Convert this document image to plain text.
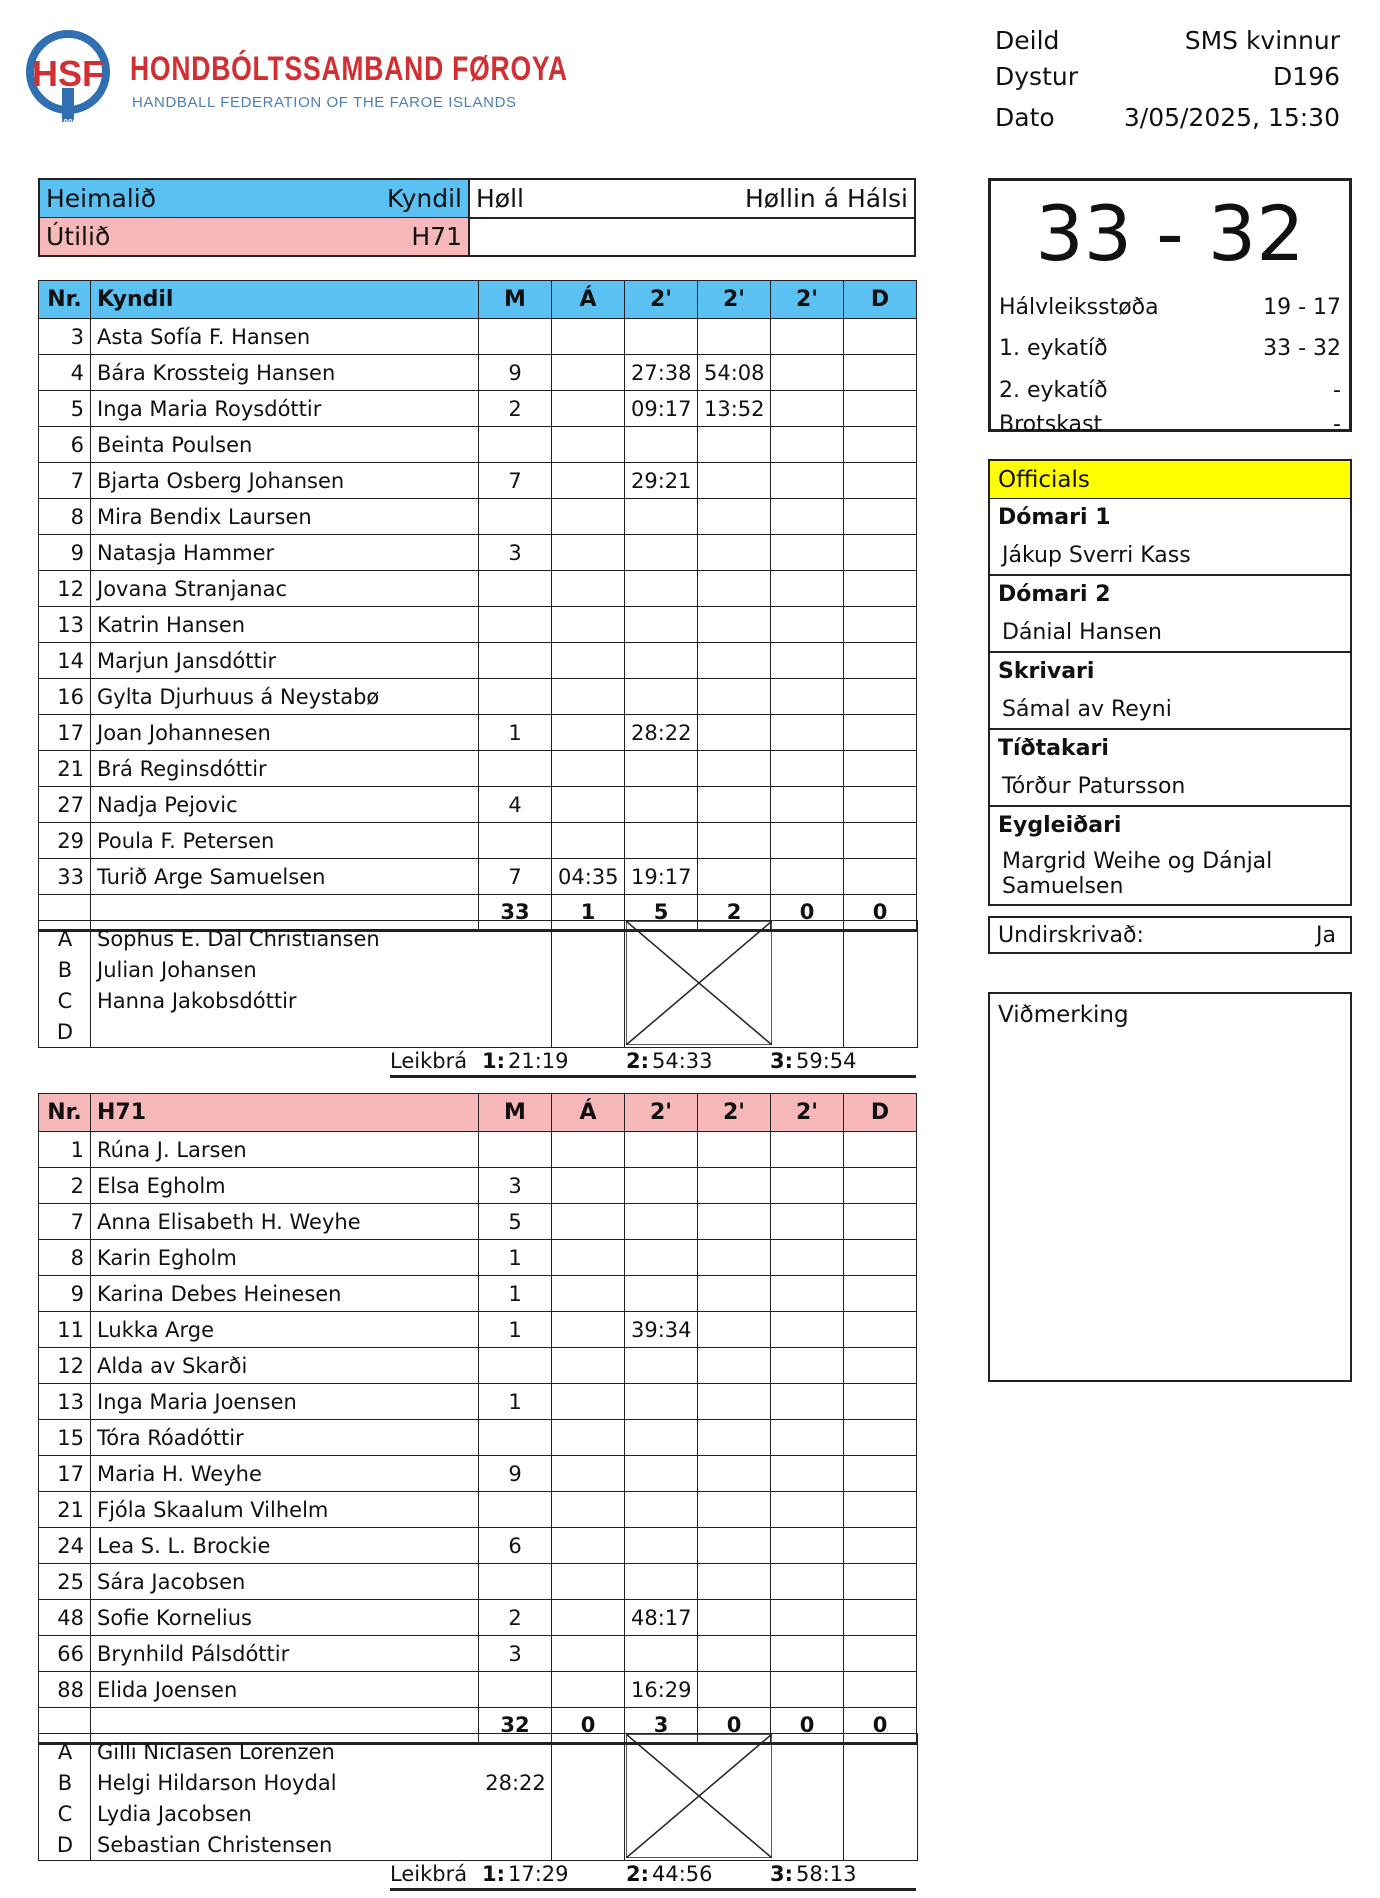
HSF
1980
HONDBÓLTSSAMBAND FØROYA
HANDBALL FEDERATION OF THE FAROE ISLANDS
Deild	SMS kvinnur
Dystur	D196
Dato	3/05/2025, 15:30
Heimalið	Kyndil Høll	Høllin á Hálsi
Útilið	H71
Nr.	Kyndil	M	Á	2'	2'	2'	D
3	Asta Sofía F. Hansen						
4	Bára Krossteig Hansen	9		27:38	54:08		
5	Inga Maria Roysdóttir	2		09:17	13:52		
6	Beinta Poulsen						
7	Bjarta Osberg Johansen	7		29:21			
8	Mira Bendix Laursen						
9	Natasja Hammer	3					
12	Jovana Stranjanac						
13	Katrin Hansen						
14	Marjun Jansdóttir						
16	Gylta Djurhuus á Neystabø						
17	Joan Johannesen	1		28:22			
21	Brá Reginsdóttir						
27	Nadja Pejovic	4					
29	Poula F. Petersen						
33	Turið Arge Samuelsen	7	04:35	19:17			
		33	1	5	2	0	0
A	Sophus E. Dal Christiansen
B	Julian Johansen
C	Hanna Jakobsdóttir
D
Leikbrá 1: 21:19	2: 54:33	3: 59:54
Nr.	H71	M	Á	2'	2'	2'	D
1	Rúna J. Larsen						
2	Elsa Egholm	3					
7	Anna Elisabeth H. Weyhe	5					
8	Karin Egholm	1					
9	Karina Debes Heinesen	1					
11	Lukka Arge	1		39:34			
12	Alda av Skarði						
13	Inga Maria Joensen	1					
15	Tóra Róadóttir						
17	Maria H. Weyhe	9					
21	Fjóla Skaalum Vilhelm						
24	Lea S. L. Brockie	6					
25	Sára Jacobsen						
48	Sofie Kornelius	2		48:17			
66	Brynhild Pálsdóttir	3					
88	Elida Joensen			16:29			
		32	0	3	0	0	0
A	Gilli Niclasen Lorenzen
B	Helgi Hildarson Hoydal	28:22
C	Lydia Jacobsen
D	Sebastian Christensen
Leikbrá 1: 17:29	2: 44:56	3: 58:13
33 - 32
Hálvleiksstøða	19 - 17
1. eykatíð	33 - 32
2. eykatíð	-
Brotskast	-
Officials
Dómari 1
Jákup Sverri Kass
Dómari 2
Dánial Hansen
Skrivari
Sámal av Reyni
Tíðtakari
Tórður Patursson
Eygleiðari
Margrid Weihe og Dánjal Samuelsen
Undirskrivað:	Ja
Viðmerking
